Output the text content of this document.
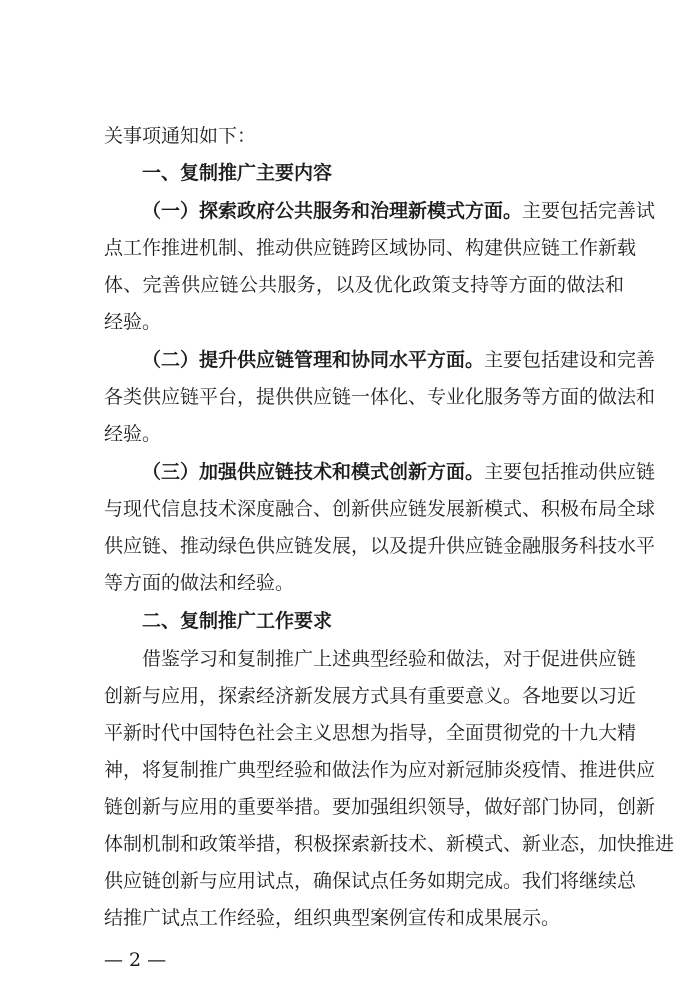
关事项通知如下：
一、复制推广主要内容
（一）探索政府公共服务和治理新模式方面。主要包括完善试
点工作推进机制、推动供应链跨区域协同、构建供应链工作新载
体、完善供应链公共服务，以及优化政策支持等方面的做法和
经验。
（二）提升供应链管理和协同水平方面。主要包括建设和完善
各类供应链平台，提供供应链一体化、专业化服务等方面的做法和
经验。
（三）加强供应链技术和模式创新方面。主要包括推动供应链
与现代信息技术深度融合、创新供应链发展新模式、积极布局全球
供应链、推动绿色供应链发展，以及提升供应链金融服务科技水平
等方面的做法和经验。
二、复制推广工作要求
借鉴学习和复制推广上述典型经验和做法，对于促进供应链
创新与应用，探索经济新发展方式具有重要意义。各地要以习近
平新时代中国特色社会主义思想为指导，全面贯彻党的十九大精
神，将复制推广典型经验和做法作为应对新冠肺炎疫情、推进供应
链创新与应用的重要举措。要加强组织领导，做好部门协同，创新
体制机制和政策举措，积极探索新技术、新模式、新业态，加快推进
供应链创新与应用试点，确保试点任务如期完成。我们将继续总
结推广试点工作经验，组织典型案例宣传和成果展示。
— 2 —
